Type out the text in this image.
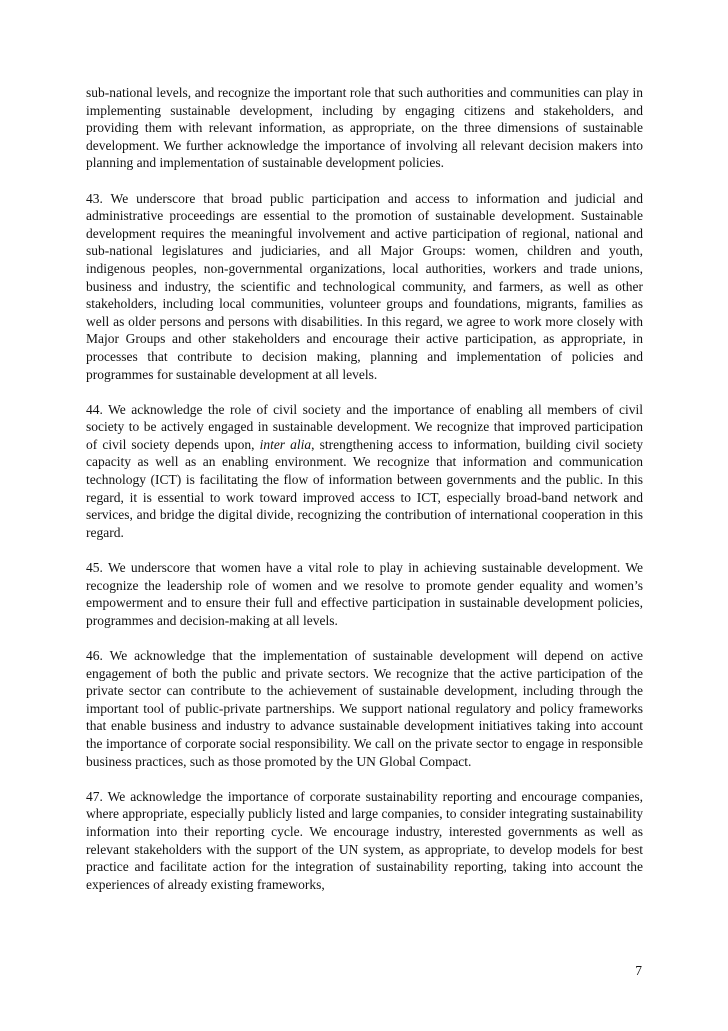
sub-national levels, and recognize the important role that such authorities and communities can play in implementing sustainable development, including by engaging citizens and stakeholders, and providing them with relevant information, as appropriate, on the three dimensions of sustainable development. We further acknowledge the importance of involving all relevant decision makers into planning and implementation of sustainable development policies.

43. We underscore that broad public participation and access to information and judicial and administrative proceedings are essential to the promotion of sustainable development. Sustainable development requires the meaningful involvement and active participation of regional, national and sub-national legislatures and judiciaries, and all Major Groups: women, children and youth, indigenous peoples, non-governmental organizations, local authorities, workers and trade unions, business and industry, the scientific and technological community, and farmers, as well as other stakeholders, including local communities, volunteer groups and foundations, migrants, families as well as older persons and persons with disabilities. In this regard, we agree to work more closely with Major Groups and other stakeholders and encourage their active participation, as appropriate, in processes that contribute to decision making, planning and implementation of policies and programmes for sustainable development at all levels.

44. We acknowledge the role of civil society and the importance of enabling all members of civil society to be actively engaged in sustainable development. We recognize that improved participation of civil society depends upon, inter alia, strengthening access to information, building civil society capacity as well as an enabling environment. We recognize that information and communication technology (ICT) is facilitating the flow of information between governments and the public. In this regard, it is essential to work toward improved access to ICT, especially broad-band network and services, and bridge the digital divide, recognizing the contribution of international cooperation in this regard.

45. We underscore that women have a vital role to play in achieving sustainable development. We recognize the leadership role of women and we resolve to promote gender equality and women’s empowerment and to ensure their full and effective participation in sustainable development policies, programmes and decision-making at all levels.

46. We acknowledge that the implementation of sustainable development will depend on active engagement of both the public and private sectors. We recognize that the active participation of the private sector can contribute to the achievement of sustainable development, including through the important tool of public-private partnerships. We support national regulatory and policy frameworks that enable business and industry to advance sustainable development initiatives taking into account the importance of corporate social responsibility. We call on the private sector to engage in responsible business practices, such as those promoted by the UN Global Compact.

47. We acknowledge the importance of corporate sustainability reporting and encourage companies, where appropriate, especially publicly listed and large companies, to consider integrating sustainability information into their reporting cycle. We encourage industry, interested governments as well as relevant stakeholders with the support of the UN system, as appropriate, to develop models for best practice and facilitate action for the integration of sustainability reporting, taking into account the experiences of already existing frameworks,

7
